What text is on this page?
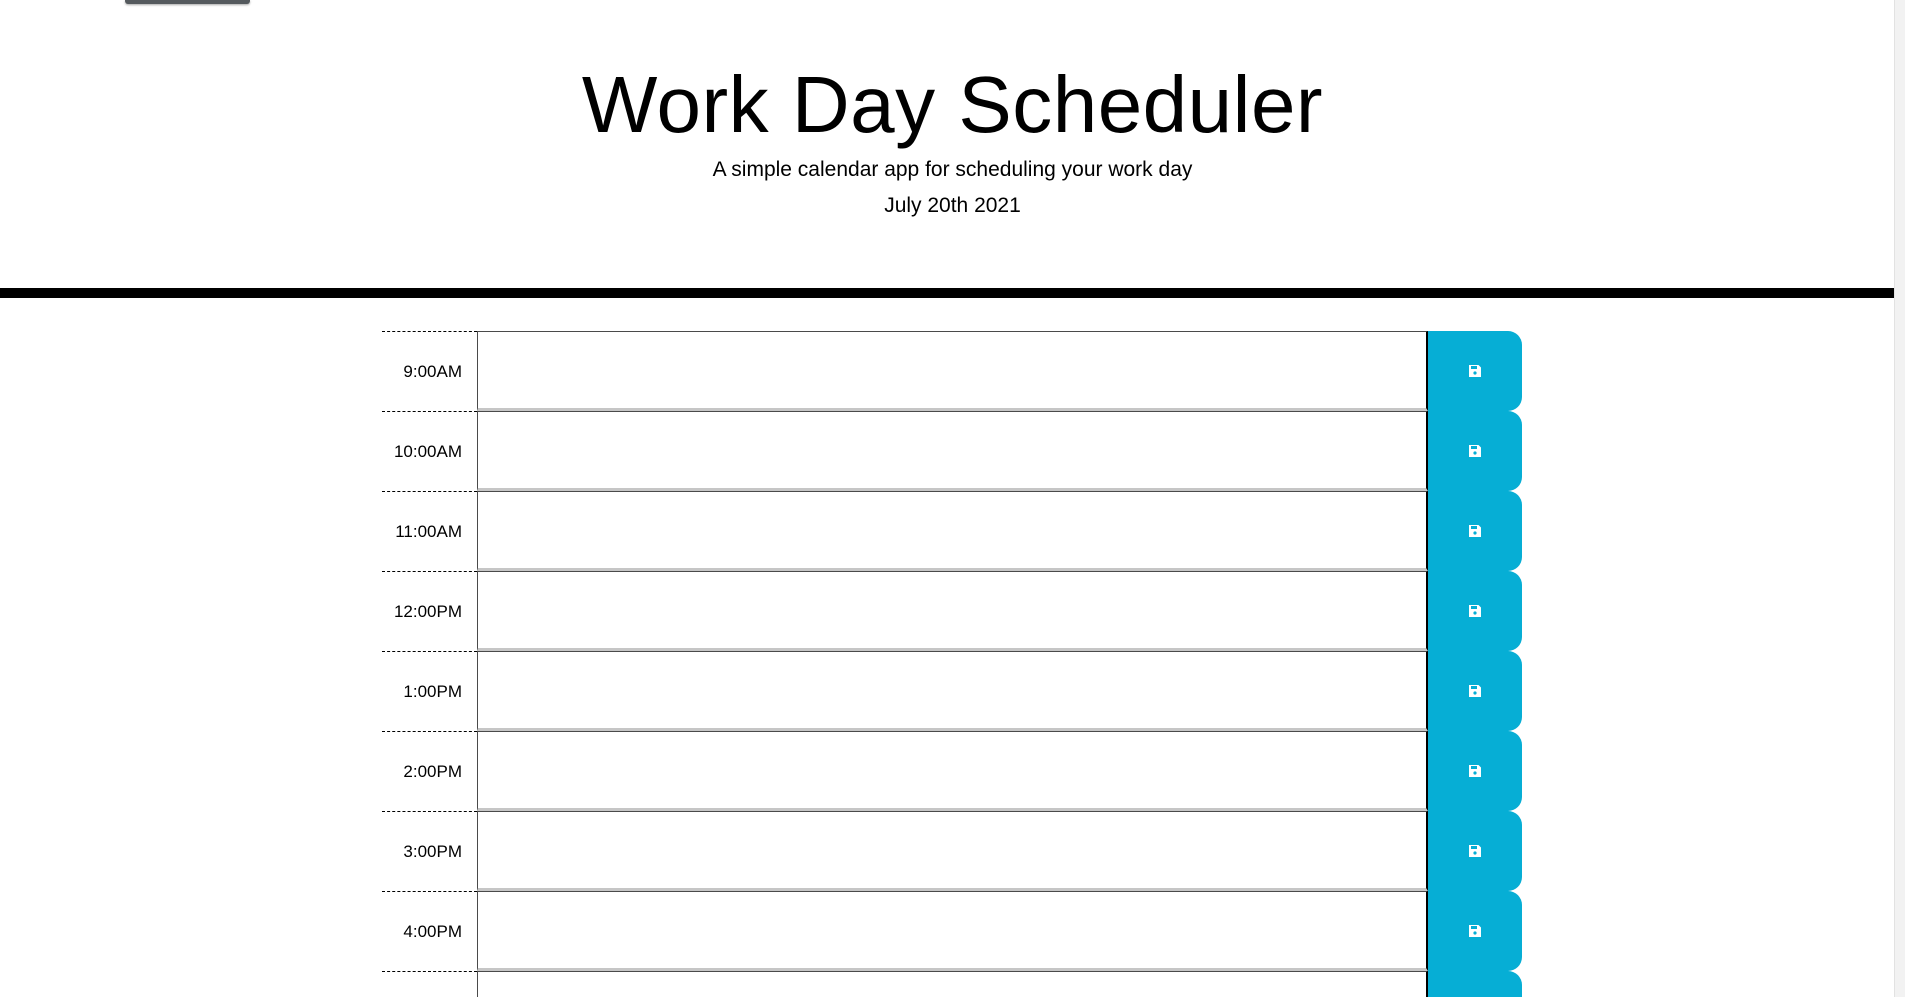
Work Day Scheduler

A simple calendar app for scheduling your work day

July 20th 2021

9:00AM
10:00AM
11:00AM
12:00PM
1:00PM
2:00PM
3:00PM
4:00PM
